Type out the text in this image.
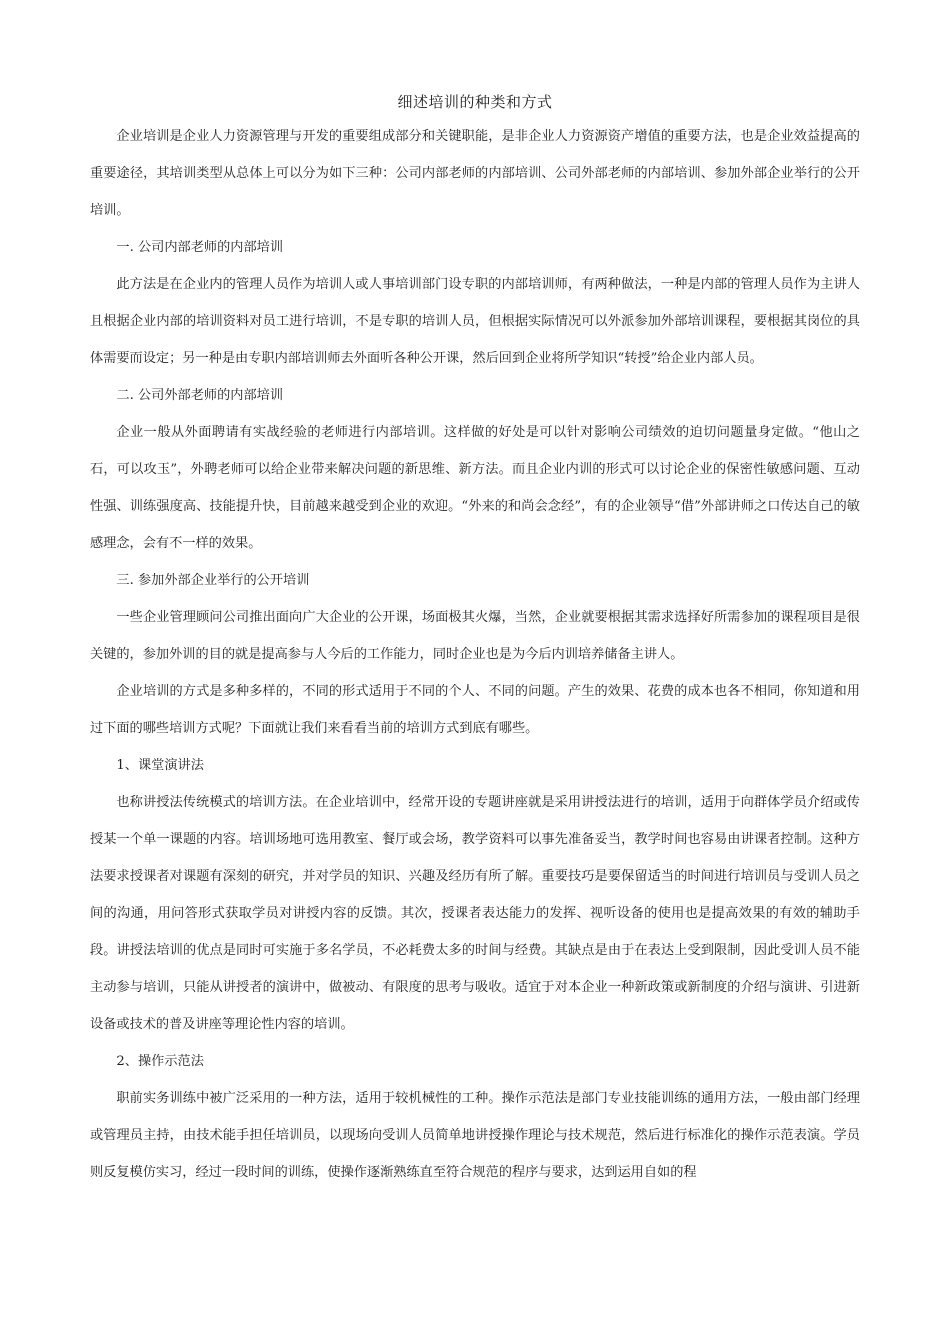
细述培训的种类和方式

企业培训是企业人力资源管理与开发的重要组成部分和关键职能，是非企业人力资源资产增值的重要方法，也是企业效益提高的重要途径，其培训类型从总体上可以分为如下三种：公司内部老师的内部培训、公司外部老师的内部培训、参加外部企业举行的公开培训。

一. 公司内部老师的内部培训

此方法是在企业内的管理人员作为培训人或人事培训部门设专职的内部培训师，有两种做法，一种是内部的管理人员作为主讲人且根据企业内部的培训资料对员工进行培训，不是专职的培训人员，但根据实际情况可以外派参加外部培训课程，要根据其岗位的具体需要而设定；另一种是由专职内部培训师去外面听各种公开课，然后回到企业将所学知识“转授”给企业内部人员。

二. 公司外部老师的内部培训

企业一般从外面聘请有实战经验的老师进行内部培训。这样做的好处是可以针对影响公司绩效的迫切问题量身定做。“他山之石，可以攻玉”，外聘老师可以给企业带来解决问题的新思维、新方法。而且企业内训的形式可以讨论企业的保密性敏感问题、互动性强、训练强度高、技能提升快，目前越来越受到企业的欢迎。“外来的和尚会念经”，有的企业领导“借”外部讲师之口传达自己的敏感理念，会有不一样的效果。

三. 参加外部企业举行的公开培训

一些企业管理顾问公司推出面向广大企业的公开课，场面极其火爆，当然，企业就要根据其需求选择好所需参加的课程项目是很关键的，参加外训的目的就是提高参与人今后的工作能力，同时企业也是为今后内训培养储备主讲人。

企业培训的方式是多种多样的，不同的形式适用于不同的个人、不同的问题。产生的效果、花费的成本也各不相同，你知道和用过下面的哪些培训方式呢？下面就让我们来看看当前的培训方式到底有哪些。

1、课堂演讲法

也称讲授法传统模式的培训方法。在企业培训中，经常开设的专题讲座就是采用讲授法进行的培训，适用于向群体学员介绍或传授某一个单一课题的内容。培训场地可选用教室、餐厅或会场，教学资料可以事先准备妥当，教学时间也容易由讲课者控制。这种方法要求授课者对课题有深刻的研究，并对学员的知识、兴趣及经历有所了解。重要技巧是要保留适当的时间进行培训员与受训人员之间的沟通，用问答形式获取学员对讲授内容的反馈。其次，授课者表达能力的发挥、视听设备的使用也是提高效果的有效的辅助手段。讲授法培训的优点是同时可实施于多名学员，不必耗费太多的时间与经费。其缺点是由于在表达上受到限制，因此受训人员不能主动参与培训，只能从讲授者的演讲中，做被动、有限度的思考与吸收。适宜于对本企业一种新政策或新制度的介绍与演讲、引进新设备或技术的普及讲座等理论性内容的培训。

2、操作示范法

职前实务训练中被广泛采用的一种方法，适用于较机械性的工种。操作示范法是部门专业技能训练的通用方法，一般由部门经理或管理员主持，由技术能手担任培训员，以现场向受训人员简单地讲授操作理论与技术规范，然后进行标准化的操作示范表演。学员则反复模仿实习，经过一段时间的训练，使操作逐渐熟练直至符合规范的程序与要求，达到运用自如的程
